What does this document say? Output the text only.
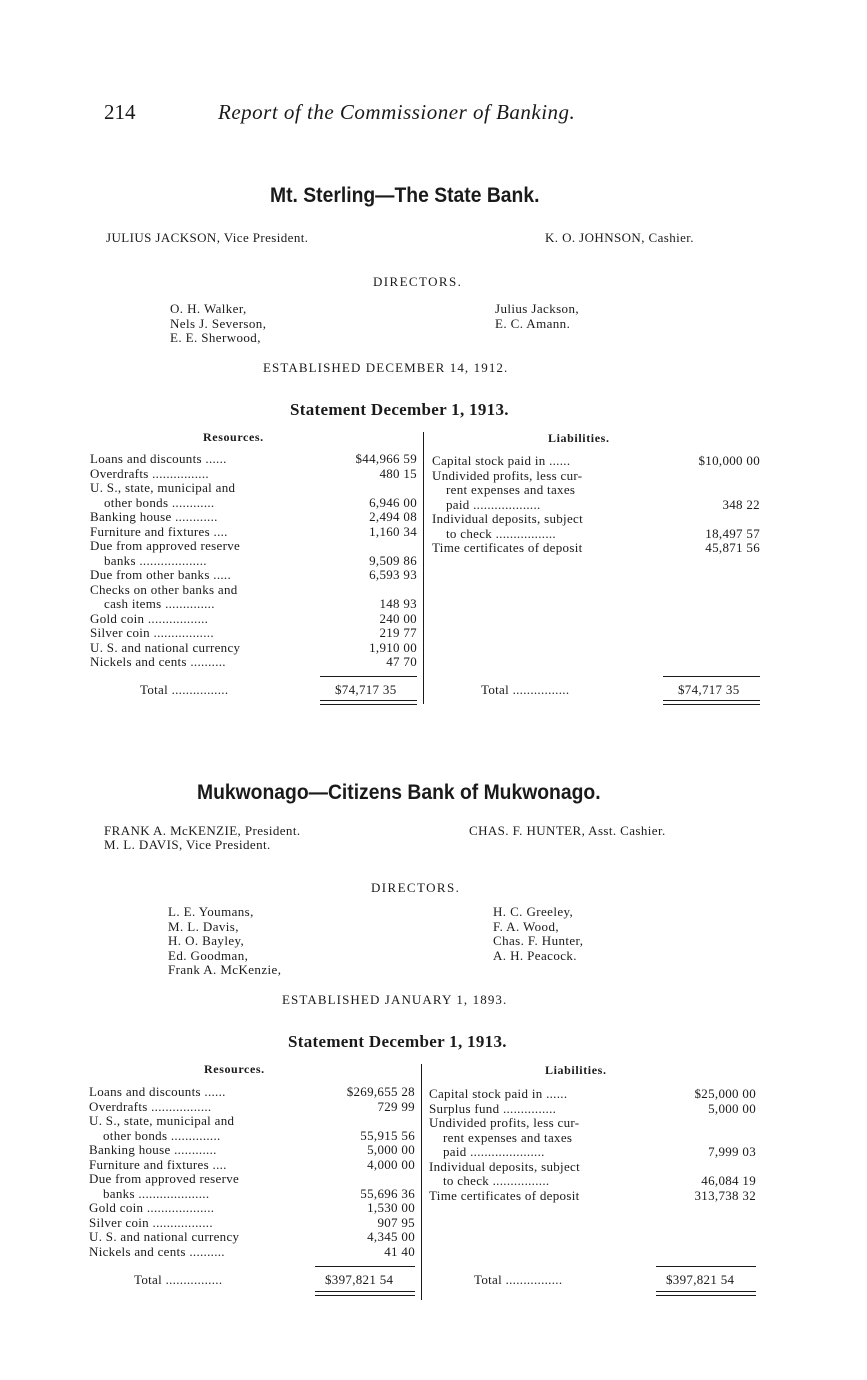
214	Report of the Commissioner of Banking.
Mt. Sterling—The State Bank.
JULIUS JACKSON, Vice President.	K. O. JOHNSON, Cashier.
DIRECTORS.
O. H. Walker,
Nels J. Severson,
E. E. Sherwood,
Julius Jackson,
E. C. Amann.
ESTABLISHED DECEMBER 14, 1912.
Statement December 1, 1913.
Resources.	Liabilities.
Loans and discounts ......	$44,966 59
Overdrafts ................	480 15
U. S., state, municipal and
other bonds ............	6,946 00
Banking house ............	2,494 08
Furniture and fixtures ....	1,160 34
Due from approved reserve
banks ...................	9,509 86
Due from other banks .....	6,593 93
Checks on other banks and
cash items ..............	148 93
Gold coin .................	240 00
Silver coin .................	219 77
U. S. and national currency	1,910 00
Nickels and cents ..........	47 70
Capital stock paid in ......	$10,000 00
Undivided profits, less cur-
rent expenses and taxes
paid ...................	348 22
Individual deposits, subject
to check .................	18,497 57
Time certificates of deposit	45,871 56
Total ................	$74,717 35	Total ................	$74,717 35
Mukwonago—Citizens Bank of Mukwonago.
FRANK A. McKENZIE, President.
M. L. DAVIS, Vice President.
CHAS. F. HUNTER, Asst. Cashier.
DIRECTORS.
L. E. Youmans,
M. L. Davis,
H. O. Bayley,
Ed. Goodman,
Frank A. McKenzie,
H. C. Greeley,
F. A. Wood,
Chas. F. Hunter,
A. H. Peacock.
ESTABLISHED JANUARY 1, 1893.
Statement December 1, 1913.
Resources.	Liabilities.
Loans and discounts ......	$269,655 28
Overdrafts .................	729 99
U. S., state, municipal and
other bonds ..............	55,915 56
Banking house ............	5,000 00
Furniture and fixtures ....	4,000 00
Due from approved reserve
banks ....................	55,696 36
Gold coin ...................	1,530 00
Silver coin .................	907 95
U. S. and national currency	4,345 00
Nickels and cents ..........	41 40
Capital stock paid in ......	$25,000 00
Surplus fund ...............	5,000 00
Undivided profits, less cur-
rent expenses and taxes
paid .....................	7,999 03
Individual deposits, subject
to check ................	46,084 19
Time certificates of deposit	313,738 32
Total ................	$397,821 54	Total ................	$397,821 54
